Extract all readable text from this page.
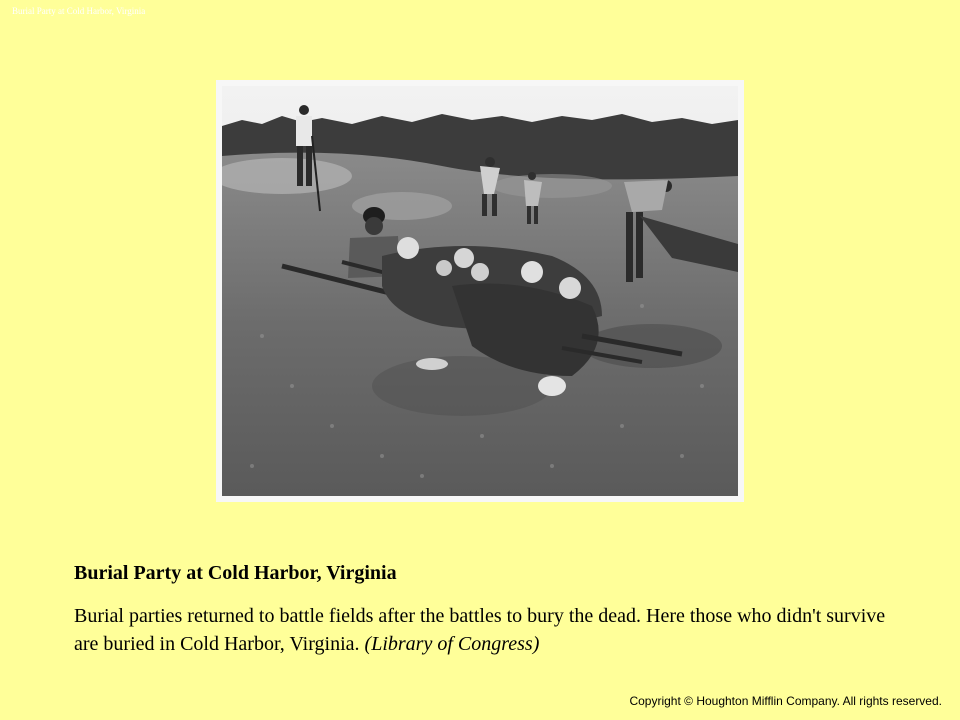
Burial Party at Cold Harbor, Virginia
Burial Party at Cold Harbor, Virginia
Burial parties returned to battle fields after the battles to bury the dead. Here those who didn't survive are buried in Cold Harbor, Virginia. (Library of Congress)
Copyright © Houghton Mifflin Company. All rights reserved.
